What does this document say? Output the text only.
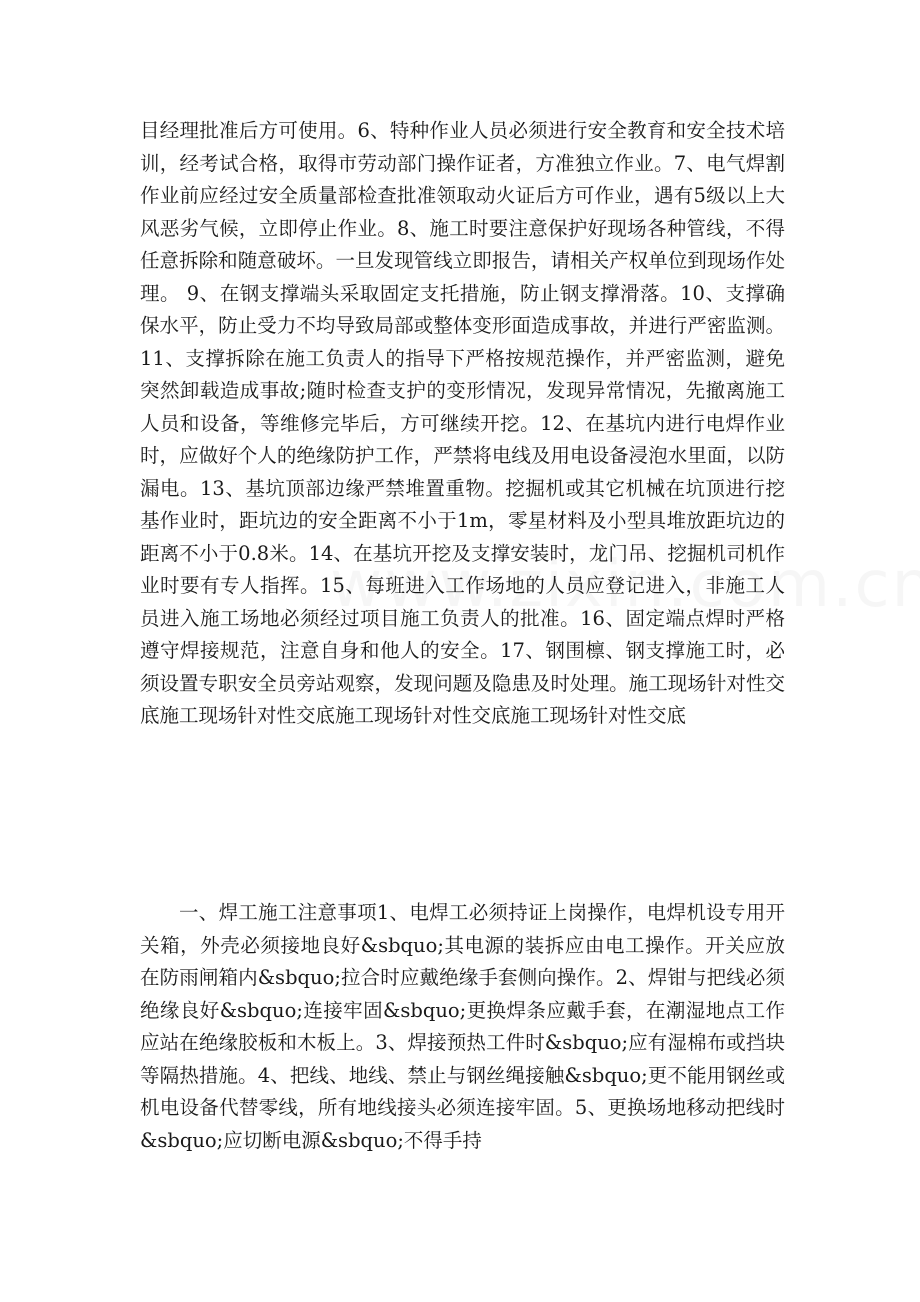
目经理批准后方可使用。6、特种作业人员必须进行安全教育和安全技术培训，经考试合格，取得市劳动部门操作证者，方准独立作业。7、电气焊割作业前应经过安全质量部检查批准领取动火证后方可作业，遇有5级以上大风恶劣气候，立即停止作业。8、施工时要注意保护好现场各种管线，不得任意拆除和随意破坏。一旦发现管线立即报告，请相关产权单位到现场作处理。 9、在钢支撑端头采取固定支托措施，防止钢支撑滑落。10、支撑确保水平，防止受力不均导致局部或整体变形面造成事故，并进行严密监测。11、支撑拆除在施工负责人的指导下严格按规范操作，并严密监测，避免突然卸载造成事故;随时检查支护的变形情况，发现异常情况，先撤离施工人员和设备，等维修完毕后，方可继续开挖。12、在基坑内进行电焊作业时，应做好个人的绝缘防护工作，严禁将电线及用电设备浸泡水里面，以防漏电。13、基坑顶部边缘严禁堆置重物。挖掘机或其它机械在坑顶进行挖基作业时，距坑边的安全距离不小于1m，零星材料及小型具堆放距坑边的距离不小于0.8米。14、在基坑开挖及支撑安装时，龙门吊、挖掘机司机作业时要有专人指挥。15、每班进入工作场地的人员应登记进入，非施工人员进入施工场地必须经过项目施工负责人的批准。16、固定端点焊时严格遵守焊接规范，注意自身和他人的安全。17、钢围檩、钢支撑施工时，必须设置专职安全员旁站观察，发现问题及隐患及时处理。施工现场针对性交底施工现场针对性交底施工现场针对性交底施工现场针对性交底

一、焊工施工注意事项1、电焊工必须持证上岗操作，电焊机设专用开关箱，外壳必须接地良好&sbquo;其电源的装拆应由电工操作。开关应放在防雨闸箱内&sbquo;拉合时应戴绝缘手套侧向操作。2、焊钳与把线必须绝缘良好&sbquo;连接牢固&sbquo;更换焊条应戴手套，在潮湿地点工作应站在绝缘胶板和木板上。3、焊接预热工件时&sbquo;应有湿棉布或挡块等隔热措施。4、把线、地线、禁止与钢丝绳接触&sbquo;更不能用钢丝或机电设备代替零线，所有地线接头必须连接牢固。5、更换场地移动把线时&sbquo;应切断电源&sbquo;不得手持
